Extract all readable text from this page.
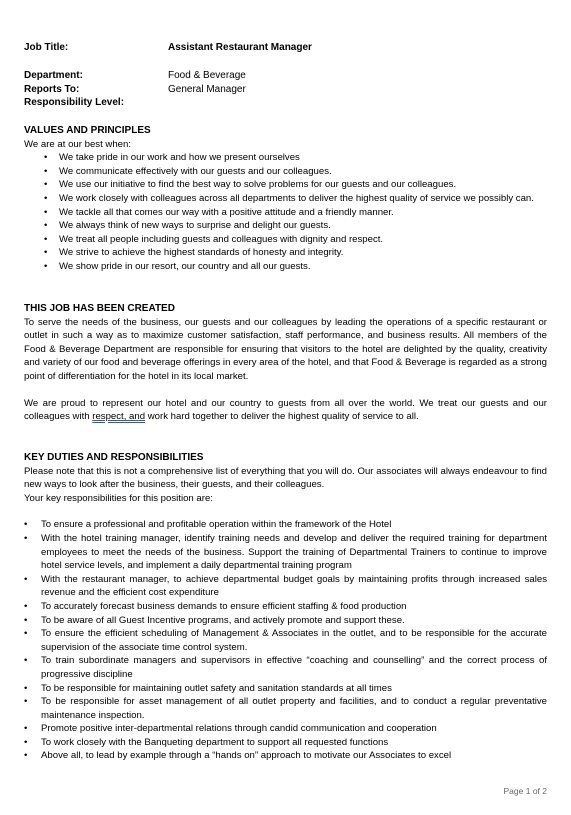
Job Title:	Assistant Restaurant Manager
Department:	Food & Beverage
Reports To:	General Manager
Responsibility Level:
VALUES AND PRINCIPLES
We are at our best when:
• We take pride in our work and how we present ourselves
• We communicate effectively with our guests and our colleagues.
• We use our initiative to find the best way to solve problems for our guests and our colleagues.
• We work closely with colleagues across all departments to deliver the highest quality of service we possibly can.
• We tackle all that comes our way with a positive attitude and a friendly manner.
• We always think of new ways to surprise and delight our guests.
• We treat all people including guests and colleagues with dignity and respect.
• We strive to achieve the highest standards of honesty and integrity.
• We show pride in our resort, our country and all our guests.
THIS JOB HAS BEEN CREATED
To serve the needs of the business, our guests and our colleagues by leading the operations of a specific restaurant or outlet in such a way as to maximize customer satisfaction, staff performance, and business results. All members of the Food & Beverage Department are responsible for ensuring that visitors to the hotel are delighted by the quality, creativity and variety of our food and beverage offerings in every area of the hotel, and that Food & Beverage is regarded as a strong point of differentiation for the hotel in its local market.
We are proud to represent our hotel and our country to guests from all over the world. We treat our guests and our colleagues with respect, and work hard together to deliver the highest quality of service to all.
KEY DUTIES AND RESPONSIBILITIES
Please note that this is not a comprehensive list of everything that you will do. Our associates will always endeavour to find new ways to look after the business, their guests, and their colleagues.
Your key responsibilities for this position are:
• To ensure a professional and profitable operation within the framework of the Hotel
• With the hotel training manager, identify training needs and develop and deliver the required training for department employees to meet the needs of the business. Support the training of Departmental Trainers to continue to improve hotel service levels, and implement a daily departmental training program
• With the restaurant manager, to achieve departmental budget goals by maintaining profits through increased sales revenue and the efficient cost expenditure
• To accurately forecast business demands to ensure efficient staffing & food production
• To be aware of all Guest Incentive programs, and actively promote and support these.
• To ensure the efficient scheduling of Management & Associates in the outlet, and to be responsible for the accurate supervision of the associate time control system.
• To train subordinate managers and supervisors in effective “coaching and counselling” and the correct process of progressive discipline
• To be responsible for maintaining outlet safety and sanitation standards at all times
• To be responsible for asset management of all outlet property and facilities, and to conduct a regular preventative maintenance inspection.
• Promote positive inter-departmental relations through candid communication and cooperation
• To work closely with the Banqueting department to support all requested functions
• Above all, to lead by example through a “hands on” approach to motivate our Associates to excel
Page 1 of 2
